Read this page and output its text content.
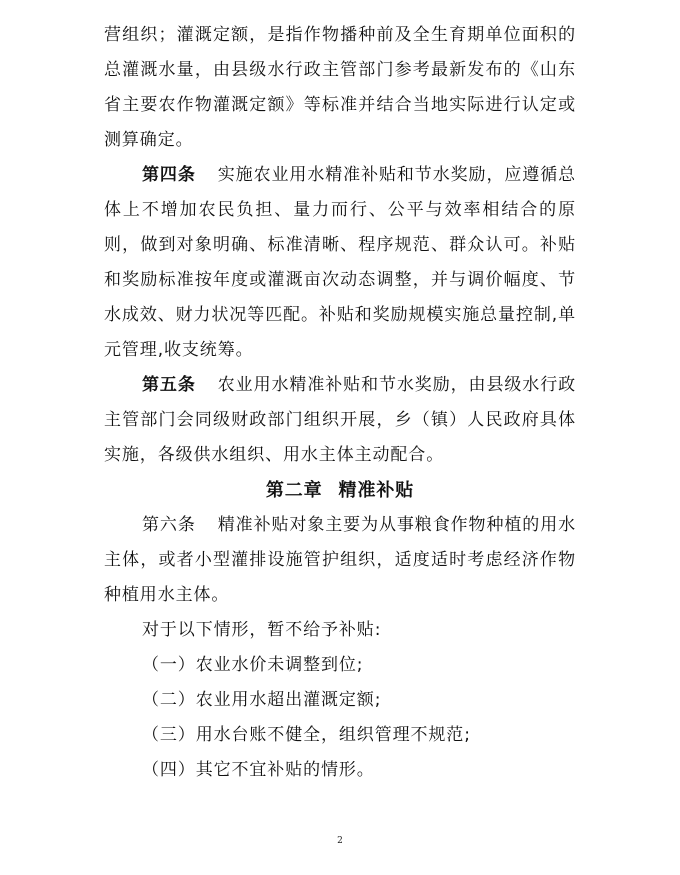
营组织；灌溉定额，是指作物播种前及全生育期单位面积的总灌溉水量，由县级水行政主管部门参考最新发布的《山东省主要农作物灌溉定额》等标准并结合当地实际进行认定或测算确定。

第四条 实施农业用水精准补贴和节水奖励，应遵循总体上不增加农民负担、量力而行、公平与效率相结合的原则，做到对象明确、标准清晰、程序规范、群众认可。补贴和奖励标准按年度或灌溉亩次动态调整，并与调价幅度、节水成效、财力状况等匹配。补贴和奖励规模实施总量控制,单元管理,收支统筹。

第五条 农业用水精准补贴和节水奖励，由县级水行政主管部门会同级财政部门组织开展，乡（镇）人民政府具体实施，各级供水组织、用水主体主动配合。

第二章 精准补贴

第六条 精准补贴对象主要为从事粮食作物种植的用水主体，或者小型灌排设施管护组织，适度适时考虑经济作物种植用水主体。

对于以下情形，暂不给予补贴:

（一）农业水价未调整到位;

（二）农业用水超出灌溉定额;

（三）用水台账不健全，组织管理不规范;

（四）其它不宜补贴的情形。

2
